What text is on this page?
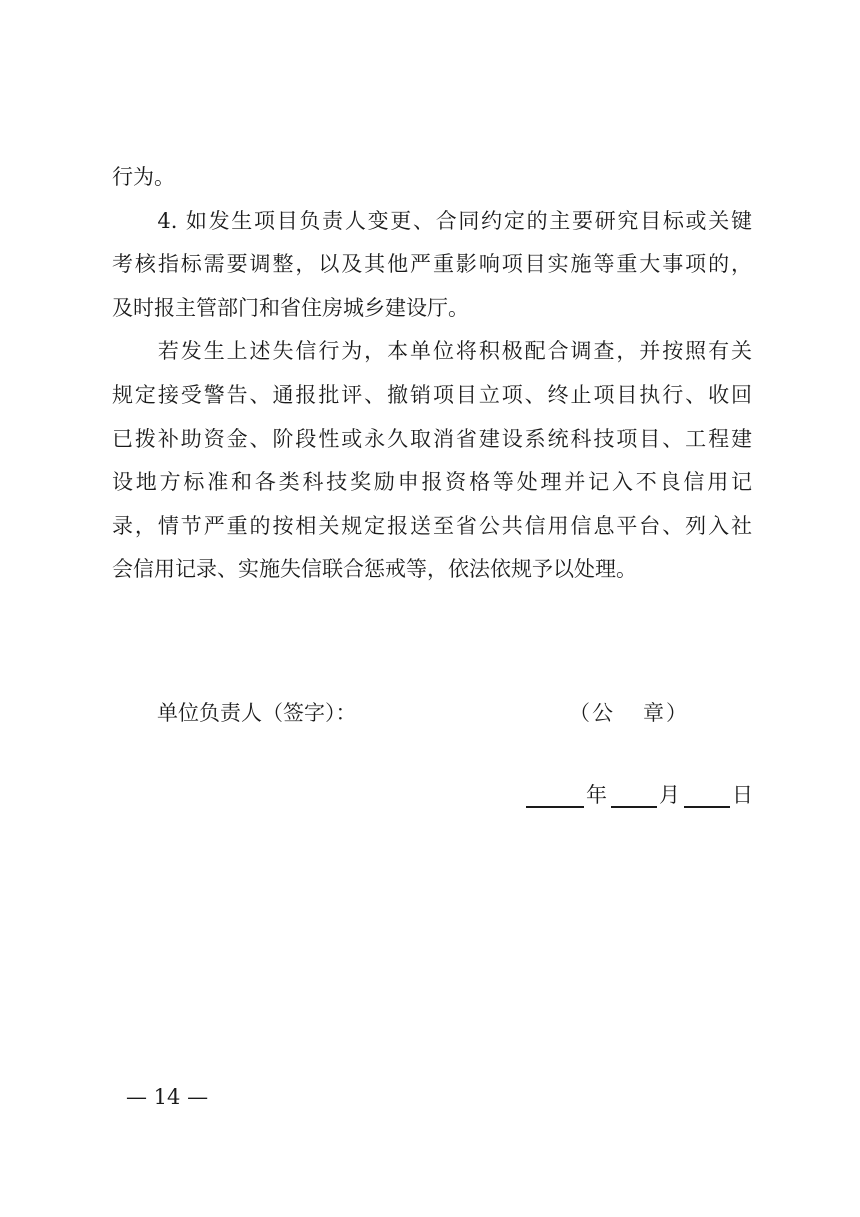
行为。
　　4. 如发生项目负责人变更、合同约定的主要研究目标或关键
考核指标需要调整，以及其他严重影响项目实施等重大事项的，
及时报主管部门和省住房城乡建设厅。
　　若发生上述失信行为，本单位将积极配合调查，并按照有关
规定接受警告、通报批评、撤销项目立项、终止项目执行、收回
已拨补助资金、阶段性或永久取消省建设系统科技项目、工程建
设地方标准和各类科技奖励申报资格等处理并记入不良信用记
录，情节严重的按相关规定报送至省公共信用信息平台、列入社
会信用记录、实施失信联合惩戒等，依法依规予以处理。
单位负责人（签字）：	（公 章）
年 月 日
— 14 —
